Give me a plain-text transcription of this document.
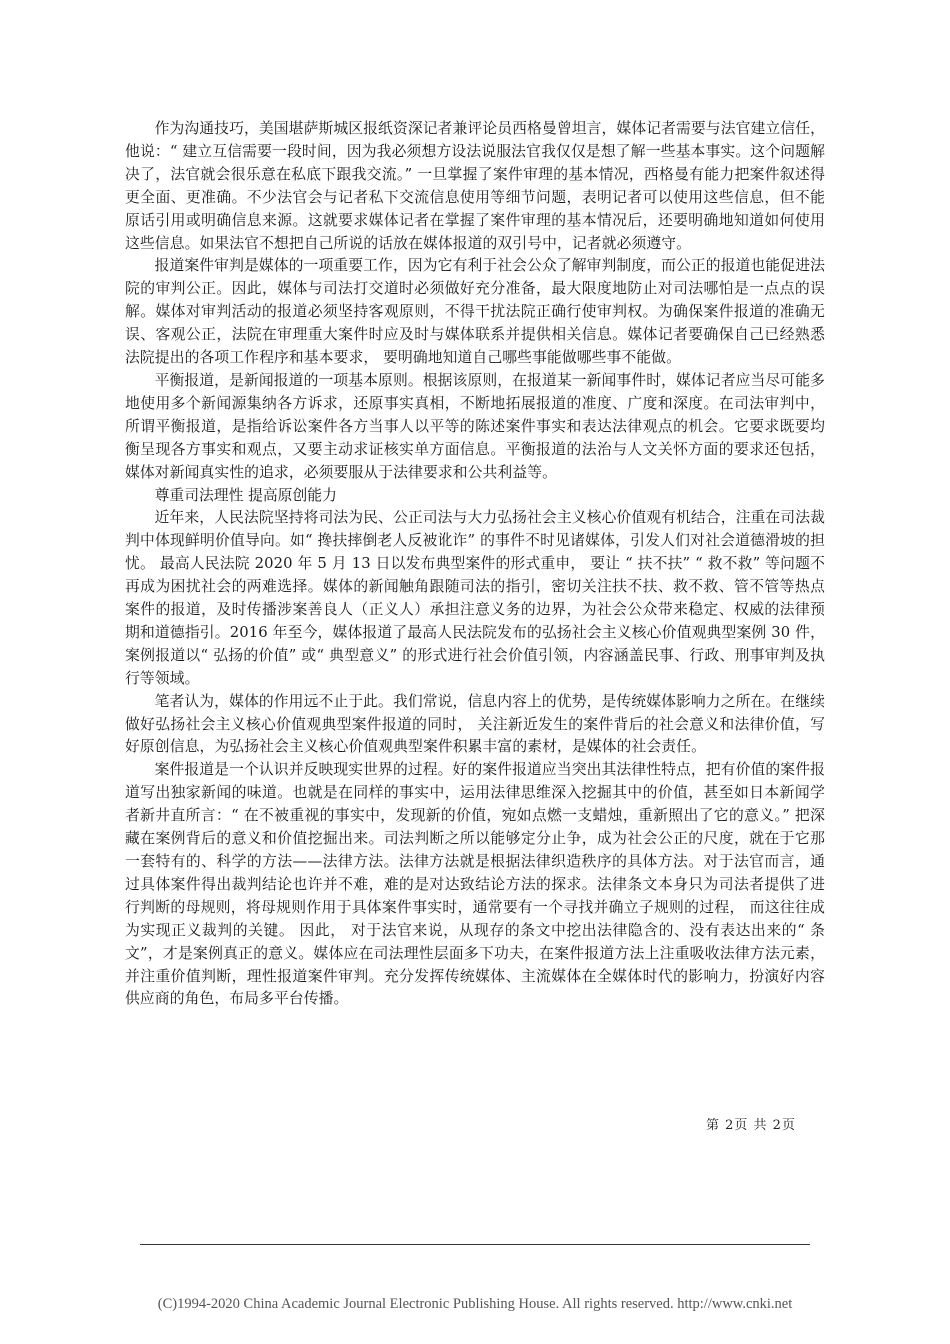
作为沟通技巧，美国堪萨斯城区报纸资深记者兼评论员西格曼曾坦言，媒体记者需要与法官建立信任，他说：“ 建立互信需要一段时间，因为我必须想方设法说服法官我仅仅是想了解一些基本事实。这个问题解决了，法官就会很乐意在私底下跟我交流。” 一旦掌握了案件审理的基本情况，西格曼有能力把案件叙述得更全面、更准确。不少法官会与记者私下交流信息使用等细节问题，表明记者可以使用这些信息，但不能原话引用或明确信息来源。这就要求媒体记者在掌握了案件审理的基本情况后，还要明确地知道如何使用这些信息。如果法官不想把自己所说的话放在媒体报道的双引号中，记者就必须遵守。

报道案件审判是媒体的一项重要工作，因为它有利于社会公众了解审判制度，而公正的报道也能促进法院的审判公正。因此，媒体与司法打交道时必须做好充分准备，最大限度地防止对司法哪怕是一点点的误解。媒体对审判活动的报道必须坚持客观原则，不得干扰法院正确行使审判权。为确保案件报道的准确无误、客观公正，法院在审理重大案件时应及时与媒体联系并提供相关信息。媒体记者要确保自己已经熟悉法院提出的各项工作程序和基本要求， 要明确地知道自己哪些事能做哪些事不能做。

平衡报道，是新闻报道的一项基本原则。根据该原则，在报道某一新闻事件时，媒体记者应当尽可能多地使用多个新闻源集纳各方诉求，还原事实真相，不断地拓展报道的准度、广度和深度。在司法审判中，所谓平衡报道，是指给诉讼案件各方当事人以平等的陈述案件事实和表达法律观点的机会。它要求既要均衡呈现各方事实和观点，又要主动求证核实单方面信息。平衡报道的法治与人文关怀方面的要求还包括，媒体对新闻真实性的追求，必须要服从于法律要求和公共利益等。

尊重司法理性 提高原创能力

近年来，人民法院坚持将司法为民、公正司法与大力弘扬社会主义核心价值观有机结合，注重在司法裁判中体现鲜明价值导向。如“ 搀扶摔倒老人反被讹诈” 的事件不时见诸媒体，引发人们对社会道德滑坡的担忧。 最高人民法院 2020 年 5 月 13 日以发布典型案件的形式重申， 要让 “ 扶不扶” “ 救不救” 等问题不再成为困扰社会的两难选择。媒体的新闻触角跟随司法的指引，密切关注扶不扶、救不救、管不管等热点案件的报道，及时传播涉案善良人（正义人）承担注意义务的边界，为社会公众带来稳定、权威的法律预期和道德指引。2016 年至今，媒体报道了最高人民法院发布的弘扬社会主义核心价值观典型案例 30 件，案例报道以“ 弘扬的价值” 或“ 典型意义” 的形式进行社会价值引领，内容涵盖民事、行政、刑事审判及执行等领域。

笔者认为，媒体的作用远不止于此。我们常说，信息内容上的优势，是传统媒体影响力之所在。在继续做好弘扬社会主义核心价值观典型案件报道的同时， 关注新近发生的案件背后的社会意义和法律价值，写好原创信息，为弘扬社会主义核心价值观典型案件积累丰富的素材，是媒体的社会责任。

案件报道是一个认识并反映现实世界的过程。好的案件报道应当突出其法律性特点，把有价值的案件报道写出独家新闻的味道。也就是在同样的事实中，运用法律思维深入挖掘其中的价值，甚至如日本新闻学者新井直所言：“ 在不被重视的事实中，发现新的价值，宛如点燃一支蜡烛，重新照出了它的意义。” 把深藏在案例背后的意义和价值挖掘出来。司法判断之所以能够定分止争，成为社会公正的尺度，就在于它那一套特有的、科学的方法——法律方法。法律方法就是根据法律织造秩序的具体方法。对于法官而言，通过具体案件得出裁判结论也许并不难，难的是对达致结论方法的探求。法律条文本身只为司法者提供了进行判断的母规则，将母规则作用于具体案件事实时，通常要有一个寻找并确立子规则的过程， 而这往往成为实现正义裁判的关键。 因此， 对于法官来说，从现存的条文中挖出法律隐含的、没有表达出来的“ 条文”，才是案例真正的意义。媒体应在司法理性层面多下功夫，在案件报道方法上注重吸收法律方法元素，并注重价值判断，理性报道案件审判。充分发挥传统媒体、主流媒体在全媒体时代的影响力，扮演好内容供应商的角色，布局多平台传播。

第 2页 共 2页
(C)1994-2020 China Academic Journal Electronic Publishing House. All rights reserved. http://www.cnki.net
